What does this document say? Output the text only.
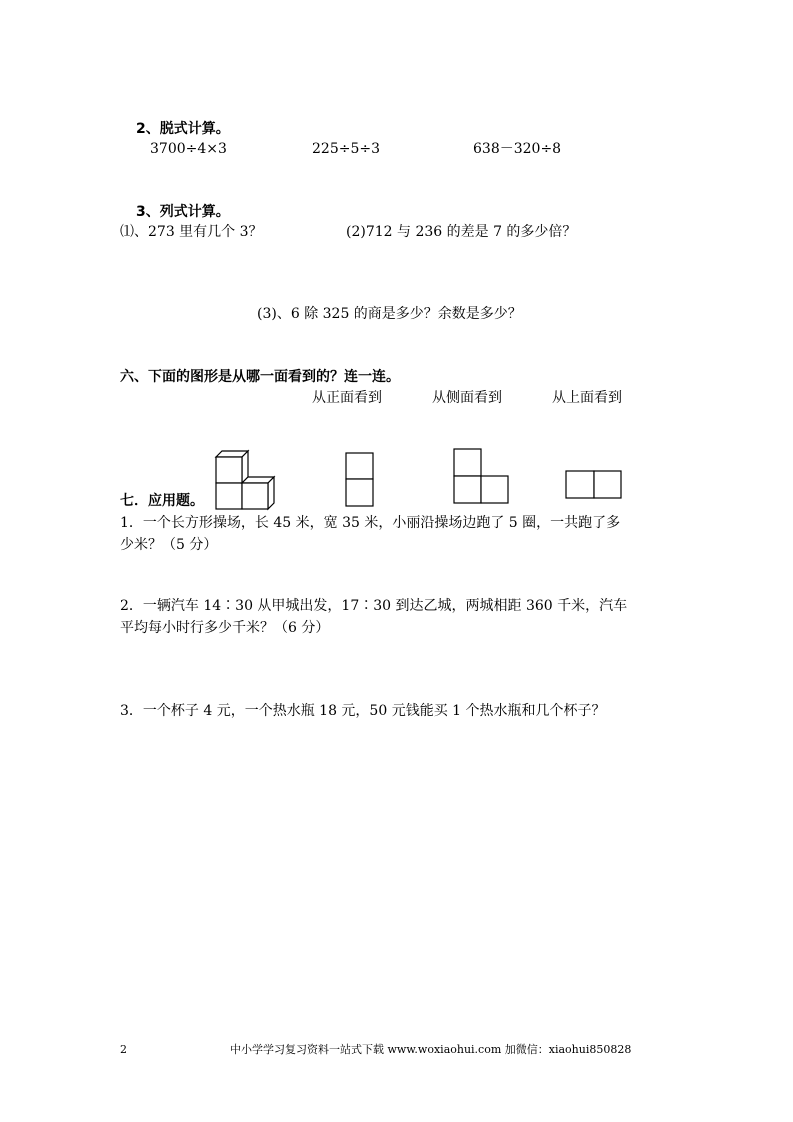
2、脱式计算。
3700÷4×3	225÷5÷3	638－320÷8
3、列式计算。
⑴、273 里有几个 3？	(2)712 与 236 的差是 7 的多少倍？
(3)、6 除 325 的商是多少？余数是多少？
六、下面的图形是从哪一面看到的？连一连。
从正面看到	从侧面看到	从上面看到
七．应用题。
1．一个长方形操场，长 45 米，宽 35 米，小丽沿操场边跑了 5 圈，一共跑了多
少米？（5 分）
2．一辆汽车 14∶30 从甲城出发，17∶30 到达乙城，两城相距 360 千米，汽车
平均每小时行多少千米？（6 分）
3．一个杯子 4 元，一个热水瓶 18 元，50 元钱能买 1 个热水瓶和几个杯子？
2	中小学学习复习资料一站式下载 www.woxiaohui.com 加微信：xiaohui850828
